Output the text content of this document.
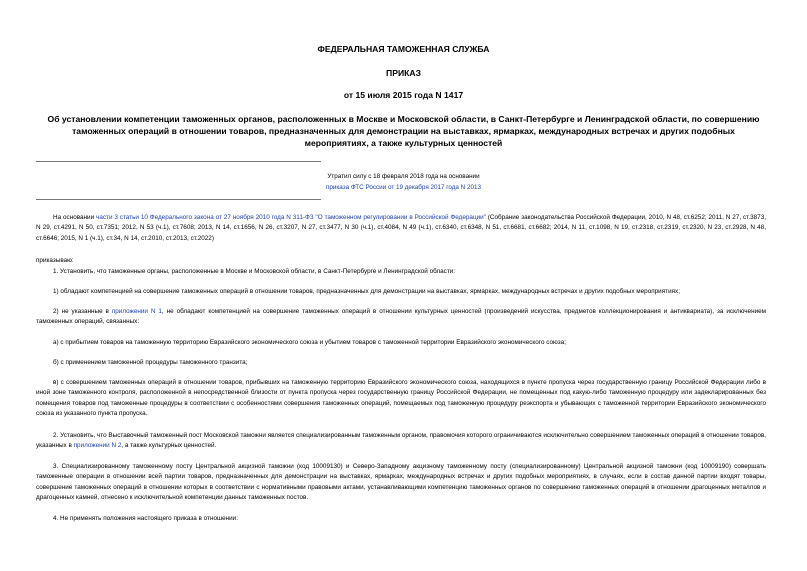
ФЕДЕРАЛЬНАЯ ТАМОЖЕННАЯ СЛУЖБА
ПРИКАЗ
от 15 июля 2015 года N 1417
Об установлении компетенции таможенных органов, расположенных в Москве и Московской области, в Санкт-Петербурге и Ленинградской области, по совершению таможенных операций в отношении товаров, предназначенных для демонстрации на выставках, ярмарках, международных встречах и других подобных мероприятиях, а также культурных ценностей
Утратил силу с 18 февраля 2018 года на основании
приказа ФТС России от 19 декабря 2017 года N 2013
На основании части 3 статьи 10 Федерального закона от 27 ноября 2010 года N 311-ФЗ "О таможенном регулировании в Российской Федерации" (Собрание законодательства Российской Федерации, 2010, N 48, ст.6252; 2011, N 27, ст.3873, N 29, ст.4291, N 50, ст.7351; 2012, N 53 (ч.1), ст.7608; 2013, N 14, ст.1656, N 26, ст.3207, N 27, ст.3477, N 30 (ч.1), ст.4084, N 49 (ч.1), ст.6340, ст.6348, N 51, ст.6681, ст.6682; 2014, N 11, ст.1098, N 19, ст.2318, ст.2319, ст.2320, N 23, ст.2928, N 48, ст.6646; 2015, N 1 (ч.1), ст.34, N 14, ст.2010, ст.2013, ст.2022)
приказываю:
1. Установить, что таможенные органы, расположенные в Москве и Московской области, в Санкт-Петербурге и Ленинградской области:
1) обладают компетенцией на совершение таможенных операций в отношении товаров, предназначенных для демонстрации на выставках, ярмарках, международных встречах и других подобных мероприятиях;
2) не указанные в приложении N 1, не обладают компетенцией на совершение таможенных операций в отношении культурных ценностей (произведений искусства, предметов коллекционирования и антиквариата), за исключением таможенных операций, связанных:
а) с прибытием товаров на таможенную территорию Евразийского экономического союза и убытием товаров с таможенной территории Евразийского экономического союза;
б) с применением таможенной процедуры таможенного транзита;
в) с совершением таможенных операций в отношении товаров, прибывших на таможенную территорию Евразийского экономического союза, находящихся в пункте пропуска через государственную границу Российской Федерации либо в иной зоне таможенного контроля, расположенной в непосредственной близости от пункта пропуска через государственную границу Российской Федерации, не помещенных под какую-либо таможенную процедуру или задекларированных без помещения товаров под таможенные процедуры в соответствии с особенностями совершения таможенных операций, помещаемых под таможенную процедуру реэкспорта и убывающих с таможенной территории Евразийского экономического союза из указанного пункта пропуска.
2. Установить, что Выставочный таможенный пост Московской таможни является специализированным таможенным органом, правомочия которого ограничиваются исключительно совершением таможенных операций в отношении товаров, указанных в приложении N 2, а также культурных ценностей.
3. Специализированному таможенному посту Центральной акцизной таможни (код 10009130) и Северо-Западному акцизному таможенному посту (специализированному) Центральной акцизной таможни (код 10009190) совершать таможенные операции в отношении всей партии товаров, предназначенных для демонстрации на выставках, ярмарках, международных встречах и других подобных мероприятиях, в случаях, если в состав данной партии входят товары, совершение таможенных операций в отношении которых в соответствии с нормативными правовыми актами, устанавливающими компетенцию таможенных органов по совершению таможенных операций в отношении драгоценных металлов и драгоценных камней, отнесено к исключительной компетенции данных таможенных постов.
4. Не применять положения настоящего приказа в отношении:
